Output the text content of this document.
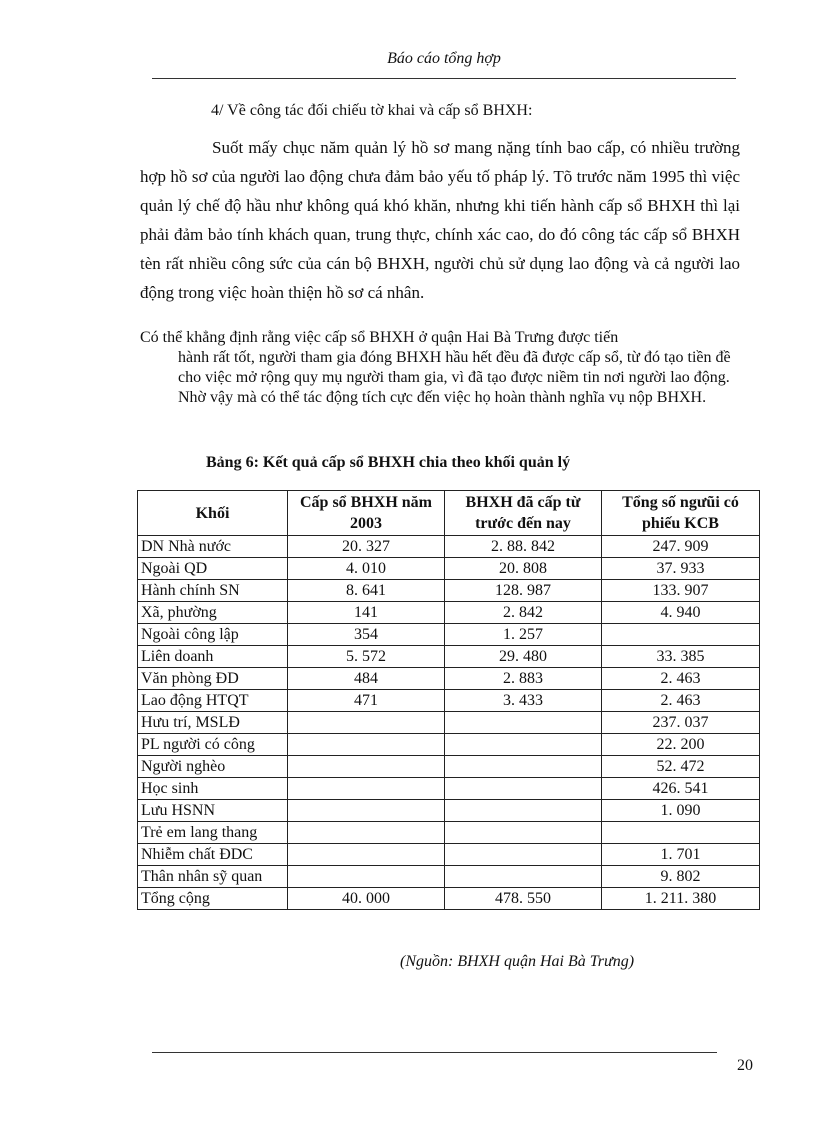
Báo cáo tổng hợp
4/ Về công tác đối chiếu tờ khai và cấp sổ BHXH:

Suốt mấy chục năm quản lý hồ sơ mang nặng tính bao cấp, có nhiều trường hợp hồ sơ của người lao động chưa đảm bảo yếu tố pháp lý. Tõ trước năm 1995 thì việc quản lý chế độ hầu như không quá khó khăn, nhưng khi tiến hành cấp sổ BHXH thì lại phải đảm bảo tính khách quan, trung thực, chính xác cao, do đó công tác cấp sổ BHXH tèn rất nhiều công sức của cán bộ BHXH, người chủ sử dụng lao động và cả người lao động trong việc hoàn thiện hồ sơ cá nhân.

Có thể khẳng định rằng việc cấp sổ BHXH ở quận Hai Bà Trưng được tiến
hành rất tốt, người tham gia đóng BHXH hầu hết đều đã được cấp sổ, từ đó tạo tiền đề cho việc mở rộng quy mụ người tham gia, vì đã tạo được niềm tin nơi người lao động. Nhờ vậy mà có thể tác động tích cực đến việc họ hoàn thành nghĩa vụ nộp BHXH.

Bảng 6: Kết quả cấp sổ BHXH chia theo khối quản lý
Khối	Cấp sổ BHXH năm 2003	BHXH đã cấp từ trước đến nay	Tổng số ngưũi có phiếu KCB
DN Nhà nước	20. 327	2. 88. 842	247. 909
Ngoài QD	4. 010	20. 808	37. 933
Hành chính SN	8. 641	128. 987	133. 907
Xã, phường	141	2. 842	4. 940
Ngoài công lập	354	1. 257	
Liên doanh	5. 572	29. 480	33. 385
Văn phòng ĐD	484	2. 883	2. 463
Lao động HTQT	471	3. 433	2. 463
Hưu trí, MSLĐ			237. 037
PL người có công			22. 200
Người nghèo			52. 472
Học sinh			426. 541
Lưu HSNN			1. 090
Trẻ em lang thang			
Nhiễm chất ĐDC			1. 701
Thân nhân sỹ quan			9. 802
Tổng cộng	40. 000	478. 550	1. 211. 380
(Nguồn: BHXH quận Hai Bà Trưng)
20
